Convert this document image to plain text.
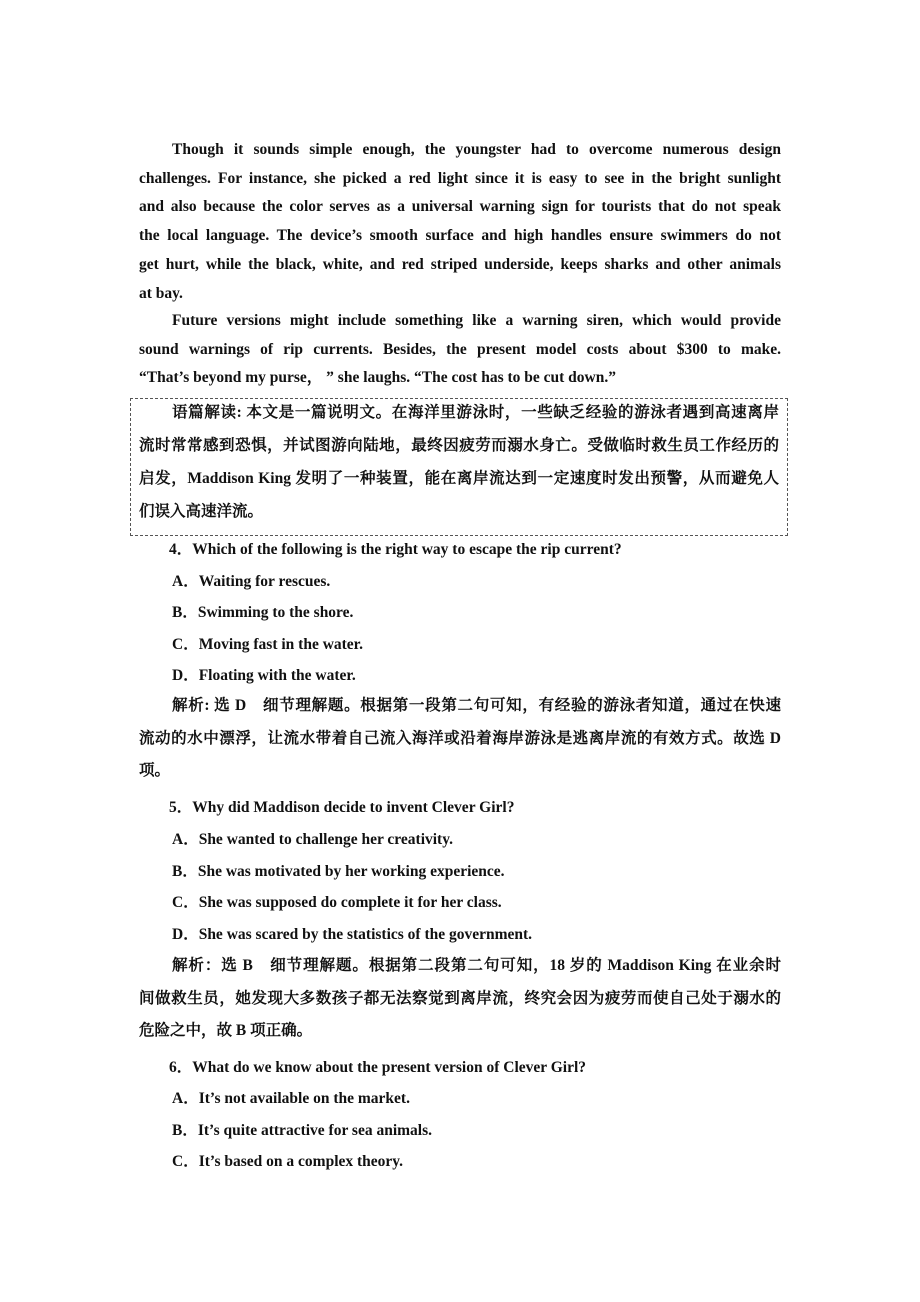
Though it sounds simple enough, the youngster had to overcome numerous design
challenges. For instance, she picked a red light since it is easy to see in the bright sunlight
and also because the color serves as a universal warning sign for tourists that do not speak
the local language. The device’s smooth surface and high handles ensure swimmers do not
get hurt, while the black, white, and red striped underside, keeps sharks and other animals
at bay.
Future versions might include something like a warning siren, which would provide
sound warnings of rip currents. Besides, the present model costs about $300 to make.
“That’s beyond my purse， ” she laughs. “The cost has to be cut down.”
语篇解读: 本文是一篇说明文。在海洋里游泳时，一些缺乏经验的游泳者遇到高速离岸
流时常常感到恐惧，并试图游向陆地，最终因疲劳而溺水身亡。受做临时救生员工作经历的
启发，Maddison King 发明了一种装置，能在离岸流达到一定速度时发出预警，从而避免人
们误入高速洋流。
4．Which of the following is the right way to escape the rip current?
A．Waiting for rescues.
B．Swimming to the shore.
C．Moving fast in the water.
D．Floating with the water.
解析: 选 D　细节理解题。根据第一段第二句可知，有经验的游泳者知道，通过在快速
流动的水中漂浮，让流水带着自己流入海洋或沿着海岸游泳是逃离岸流的有效方式。故选 D
项。
5．Why did Maddison decide to invent Clever Girl?
A．She wanted to challenge her creativity.
B．She was motivated by her working experience.
C．She was supposed do complete it for her class.
D．She was scared by the statistics of the government.
解析：选 B　细节理解题。根据第二段第二句可知，18 岁的 Maddison King 在业余时
间做救生员，她发现大多数孩子都无法察觉到离岸流，终究会因为疲劳而使自己处于溺水的
危险之中，故 B 项正确。
6．What do we know about the present version of Clever Girl?
A．It’s not available on the market.
B．It’s quite attractive for sea animals.
C．It’s based on a complex theory.
